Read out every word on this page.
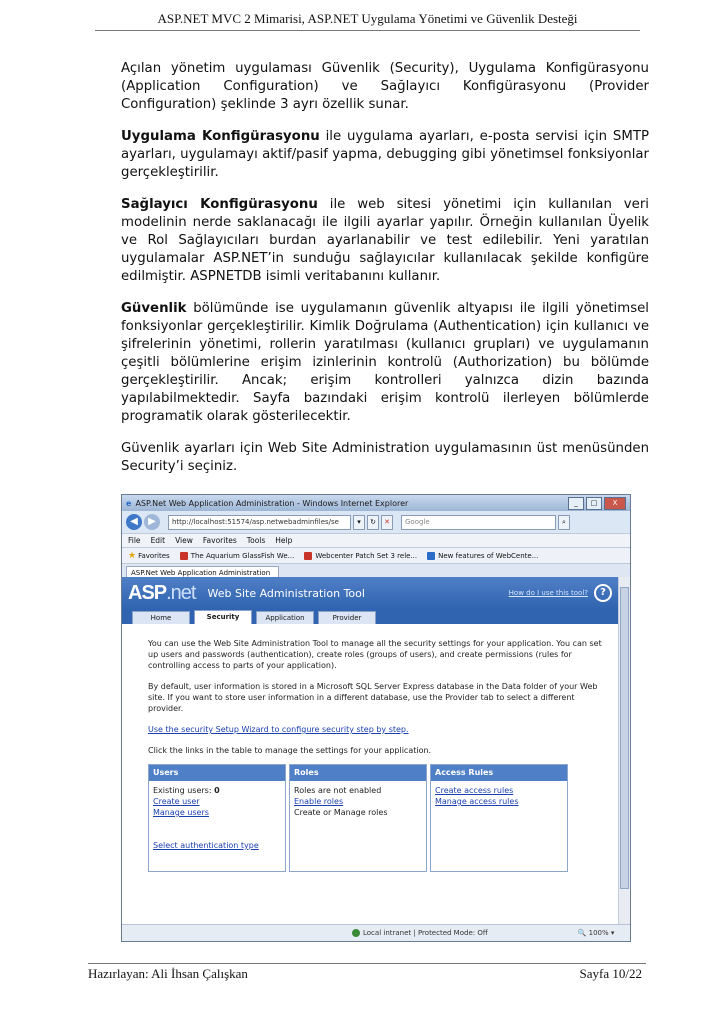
ASP.NET MVC 2 Mimarisi, ASP.NET Uygulama Yönetimi ve Güvenlik Desteği

Açılan yönetim uygulaması Güvenlik (Security), Uygulama Konfigürasyonu (Application Configuration) ve Sağlayıcı Konfigürasyonu (Provider Configuration) şeklinde 3 ayrı özellik sunar.

Uygulama Konfigürasyonu ile uygulama ayarları, e-posta servisi için SMTP ayarları, uygulamayı aktif/pasif yapma, debugging gibi yönetimsel fonksiyonlar gerçekleştirilir.

Sağlayıcı Konfigürasyonu ile web sitesi yönetimi için kullanılan veri modelinin nerde saklanacağı ile ilgili ayarlar yapılır. Örneğin kullanılan Üyelik ve Rol Sağlayıcıları burdan ayarlanabilir ve test edilebilir. Yeni yaratılan uygulamalar ASP.NET’in sunduğu sağlayıcılar kullanılacak şekilde konfigüre edilmiştir. ASPNETDB isimli veritabanını kullanır.

Güvenlik bölümünde ise uygulamanın güvenlik altyapısı ile ilgili yönetimsel fonksiyonlar gerçekleştirilir. Kimlik Doğrulama (Authentication) için kullanıcı ve şifrelerinin yönetimi, rollerin yaratılması (kullanıcı grupları) ve uygulamanın çeşitli bölümlerine erişim izinlerinin kontrolü (Authorization) bu bölümde gerçekleştirilir. Ancak; erişim kontrolleri yalnızca dizin bazında yapılabilmektedir. Sayfa bazındaki erişim kontrolü ilerleyen bölümlerde programatik olarak gösterilecektir.

Güvenlik ayarları için Web Site Administration uygulamasının üst menüsünden Security’i seçiniz.

e ASP.Net Web Application Administration - Windows Internet Explorer	_	□	X
◀	▶	http://localhost:51574/asp.netwebadminfiles/se	▾	↻	✕	Google	⌕
File Edit View Favorites Tools Help
★ Favorites	The Aquarium GlassFish We...	Webcenter Patch Set 3 rele...	New features of WebCente...
ASP.Net Web Application Administration
ASP.net Web Site Administration Tool	How do I use this tool?	?
Home	Security	Application	Provider

You can use the Web Site Administration Tool to manage all the security settings for your application. You can set up users and passwords (authentication), create roles (groups of users), and create permissions (rules for controlling access to parts of your application).

By default, user information is stored in a Microsoft SQL Server Express database in the Data folder of your Web site. If you want to store user information in a different database, use the Provider tab to select a different provider.

Use the security Setup Wizard to configure security step by step.

Click the links in the table to manage the settings for your application.
Users
Existing users: 0
Create user
Manage users
Select authentication type
Roles
Roles are not enabled
Enable roles
Create or Manage roles
Access Rules
Create access rules
Manage access rules
Local intranet | Protected Mode: Off	🔍 100% ▾
Hazırlayan: Ali İhsan Çalışkan	Sayfa 10/22
